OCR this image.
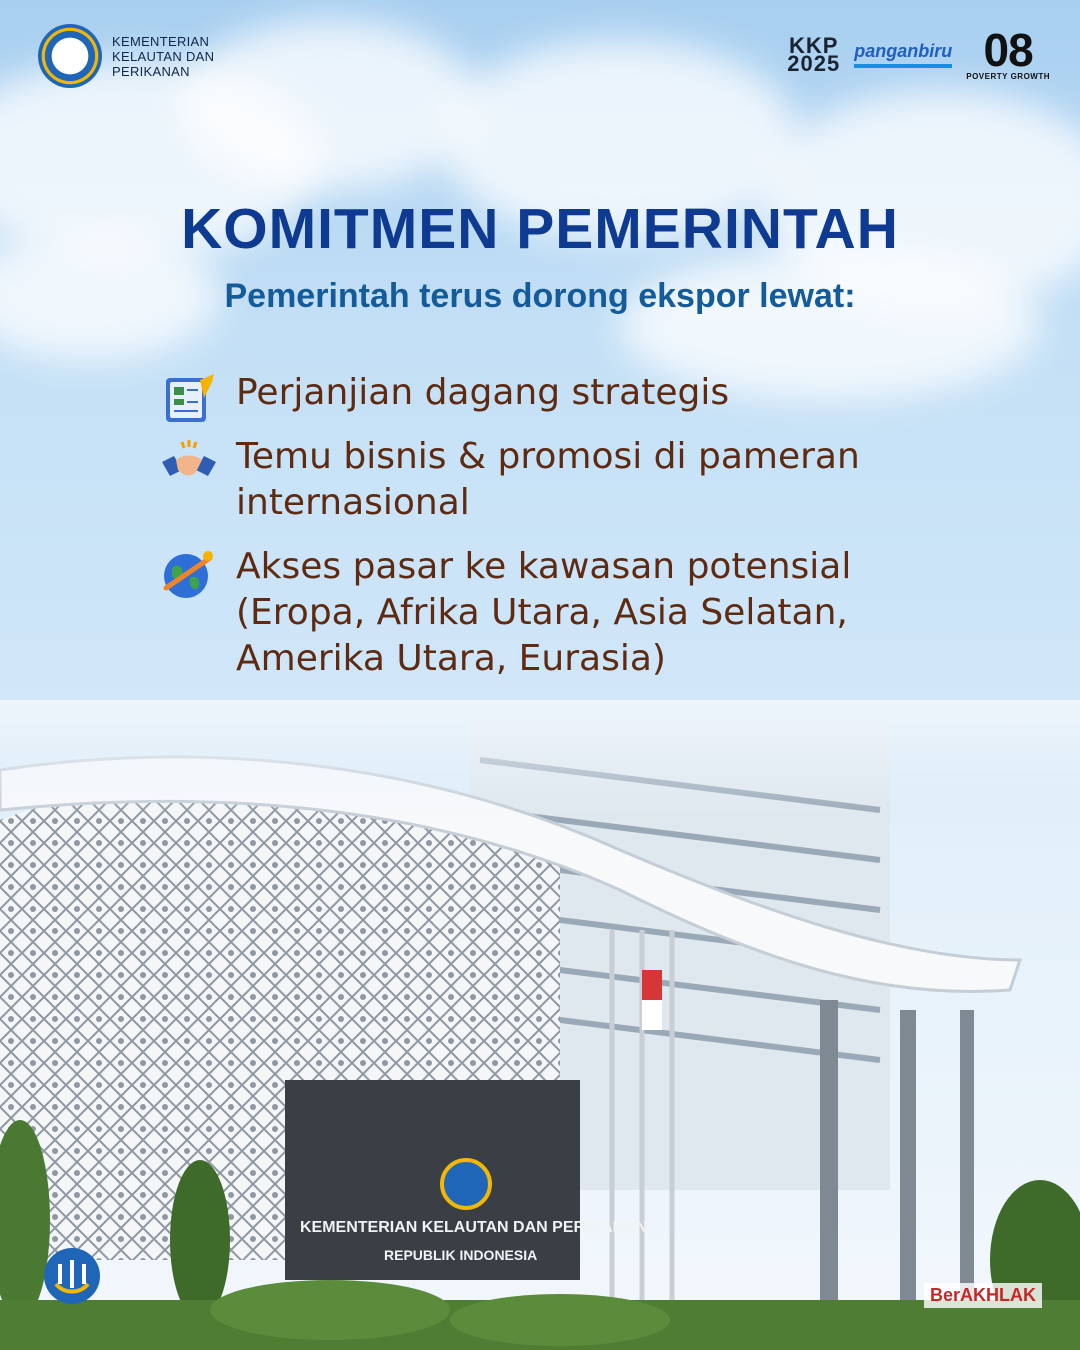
KEMENTERIAN
KELAUTAN DAN
PERIKANAN
KKP
2025 panganbiru 08
POVERTY GROWTH
KOMITMEN PEMERINTAH
Pemerintah terus dorong ekspor lewat:
Perjanjian dagang strategis
Temu bisnis & promosi di pameran
internasional
Akses pasar ke kawasan potensial
(Eropa, Afrika Utara, Asia Selatan,
Amerika Utara, Eurasia)
BerAKHLAK
